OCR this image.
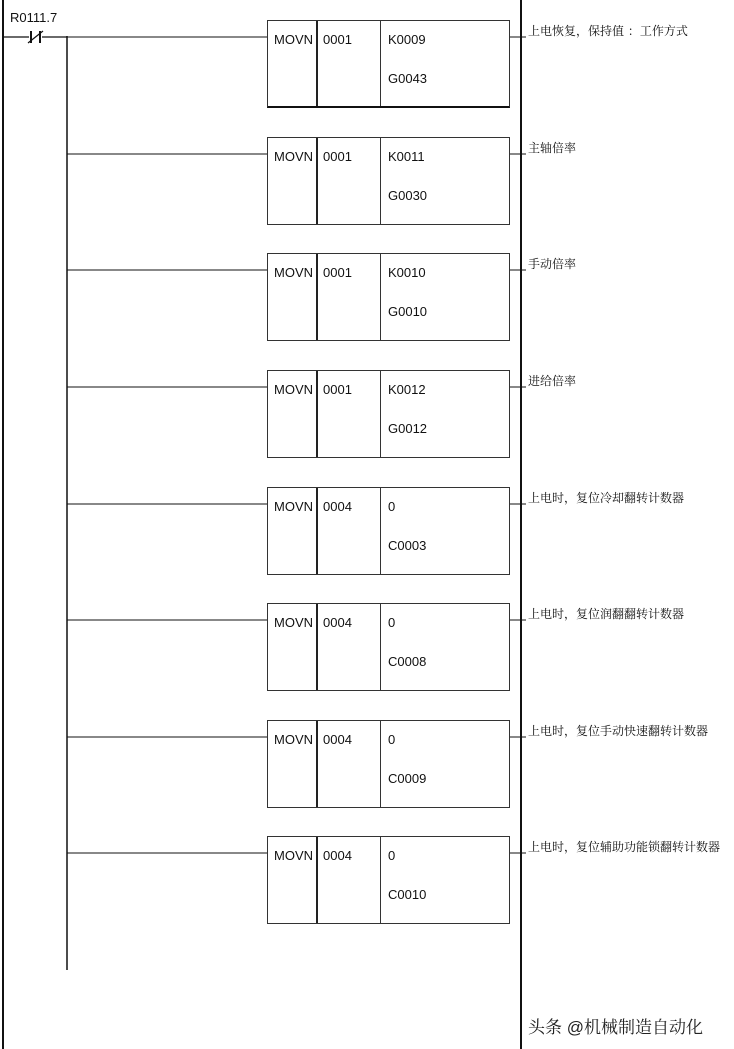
R0111.7
MOVN 0001	K0009
G0043
上电恢复，保持值 ：工作方式
MOVN 0001	K0011
G0030
主轴倍率
MOVN 0001	K0010
G0010
手动倍率
MOVN 0001	K0012
G0012
进给倍率
MOVN 0004	0
C0003
上电时，复位冷却翻转计数器
MOVN 0004	0
C0008
上电时，复位润翻翻转计数器
MOVN 0004	0
C0009
上电时，复位手动快速翻转计数器
MOVN 0004	0
C0010
上电时，复位辅助功能锁翻转计数器
头条 @机械制造自动化
